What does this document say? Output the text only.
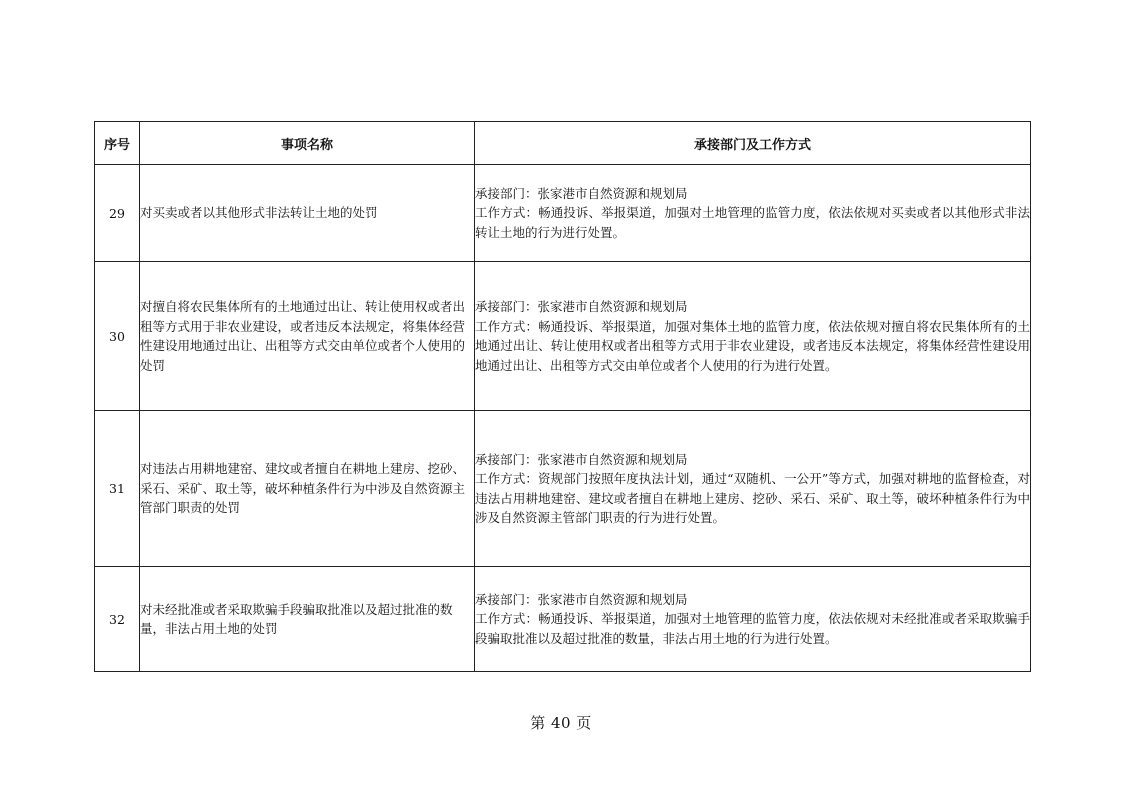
序号	事项名称	承接部门及工作方式
29	对买卖或者以其他形式非法转让土地的处罚	承接部门：张家港市自然资源和规划局
工作方式：畅通投诉、举报渠道，加强对土地管理的监管力度，依法依规对买卖或者以其他形式非法转让土地的行为进行处置。

30	对擅自将农民集体所有的土地通过出让、转让使用权或者出租等方式用于非农业建设，或者违反本法规定，将集体经营性建设用地通过出让、出租等方式交由单位或者个人使用的处罚	承接部门：张家港市自然资源和规划局
工作方式：畅通投诉、举报渠道，加强对集体土地的监管力度，依法依规对擅自将农民集体所有的土地通过出让、转让使用权或者出租等方式用于非农业建设，或者违反本法规定，将集体经营性建设用地通过出让、出租等方式交由单位或者个人使用的行为进行处置。

31	对违法占用耕地建窑、建坟或者擅自在耕地上建房、挖砂、采石、采矿、取土等，破坏种植条件行为中涉及自然资源主管部门职责的处罚	承接部门：张家港市自然资源和规划局
工作方式：资规部门按照年度执法计划，通过“双随机、一公开”等方式，加强对耕地的监督检查，对违法占用耕地建窑、建坟或者擅自在耕地上建房、挖砂、采石、采矿、取土等，破坏种植条件行为中涉及自然资源主管部门职责的行为进行处置。

32	对未经批准或者采取欺骗手段骗取批准以及超过批准的数量，非法占用土地的处罚	承接部门：张家港市自然资源和规划局
工作方式：畅通投诉、举报渠道，加强对土地管理的监管力度，依法依规对未经批准或者采取欺骗手段骗取批准以及超过批准的数量，非法占用土地的行为进行处置。
第 40 页
